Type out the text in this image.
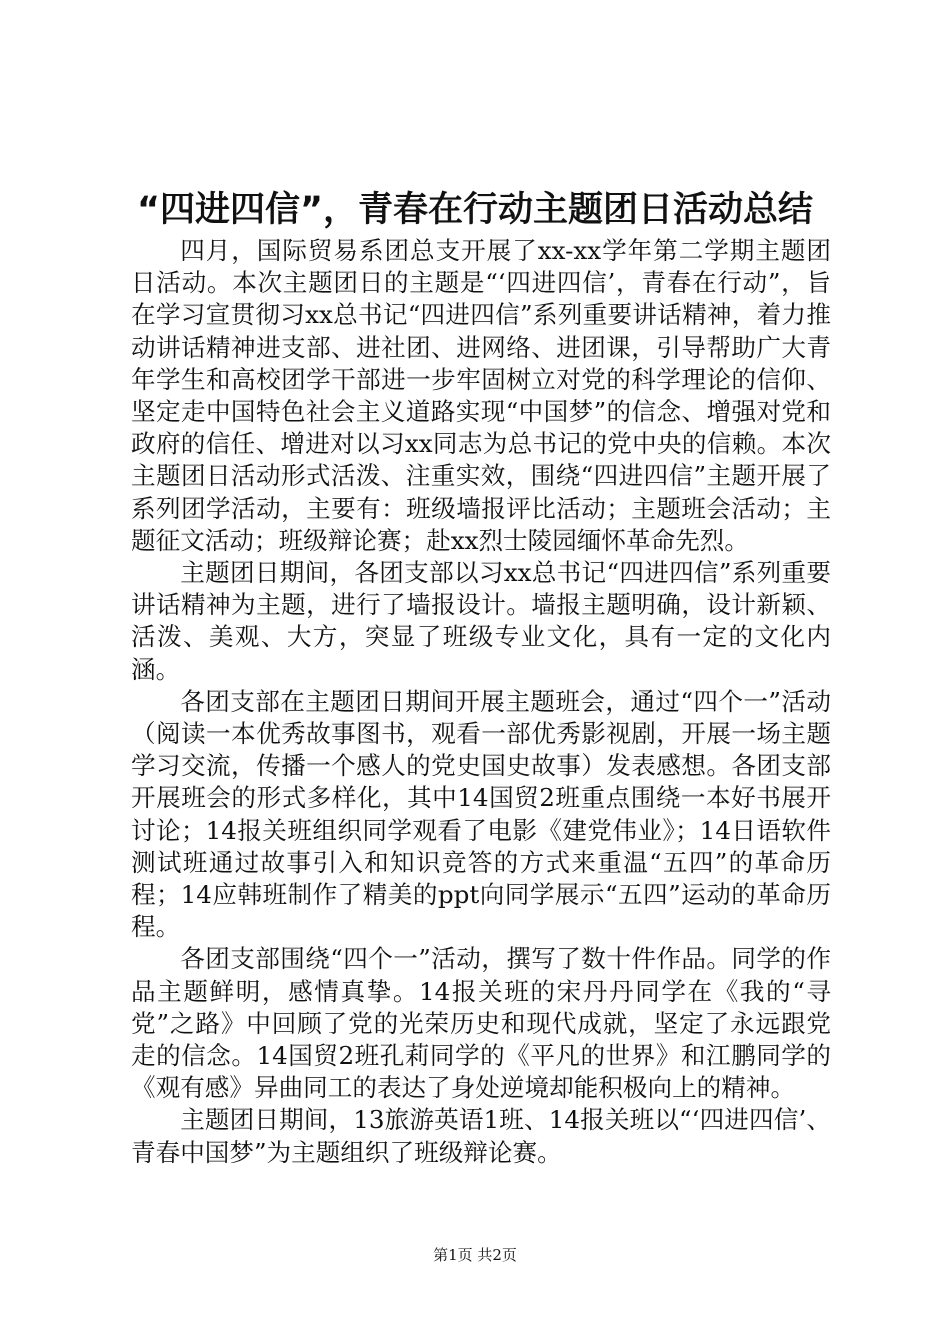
“四进四信”，青春在行动主题团日活动总结

四月，国际贸易系团总支开展了xx-xx学年第二学期主题团日活动。本次主题团日的主题是“‘四进四信’，青春在行动”，旨在学习宣贯彻习xx总书记“四进四信”系列重要讲话精神，着力推动讲话精神进支部、进社团、进网络、进团课，引导帮助广大青年学生和高校团学干部进一步牢固树立对党的科学理论的信仰、坚定走中国特色社会主义道路实现“中国梦”的信念、增强对党和政府的信任、增进对以习xx同志为总书记的党中央的信赖。本次主题团日活动形式活泼、注重实效，围绕“四进四信”主题开展了系列团学活动，主要有：班级墙报评比活动；主题班会活动；主题征文活动；班级辩论赛；赴xx烈士陵园缅怀革命先烈。

主题团日期间，各团支部以习xx总书记“四进四信”系列重要讲话精神为主题，进行了墙报设计。墙报主题明确，设计新颖、活泼、美观、大方，突显了班级专业文化，具有一定的文化内涵。

各团支部在主题团日期间开展主题班会，通过“四个一”活动（阅读一本优秀故事图书，观看一部优秀影视剧，开展一场主题学习交流，传播一个感人的党史国史故事）发表感想。各团支部开展班会的形式多样化，其中14国贸2班重点围绕一本好书展开讨论；14报关班组织同学观看了电影《建党伟业》；14日语软件测试班通过故事引入和知识竞答的方式来重温“五四”的革命历程；14应韩班制作了精美的ppt向同学展示“五四”运动的革命历程。

各团支部围绕“四个一”活动，撰写了数十件作品。同学的作品主题鲜明，感情真挚。14报关班的宋丹丹同学在《我的“寻党”之路》中回顾了党的光荣历史和现代成就，坚定了永远跟党走的信念。14国贸2班孔莉同学的《平凡的世界》和江鹏同学的《观有感》异曲同工的表达了身处逆境却能积极向上的精神。

主题团日期间，13旅游英语1班、14报关班以“‘四进四信’、青春中国梦”为主题组织了班级辩论赛。

第1页 共2页
